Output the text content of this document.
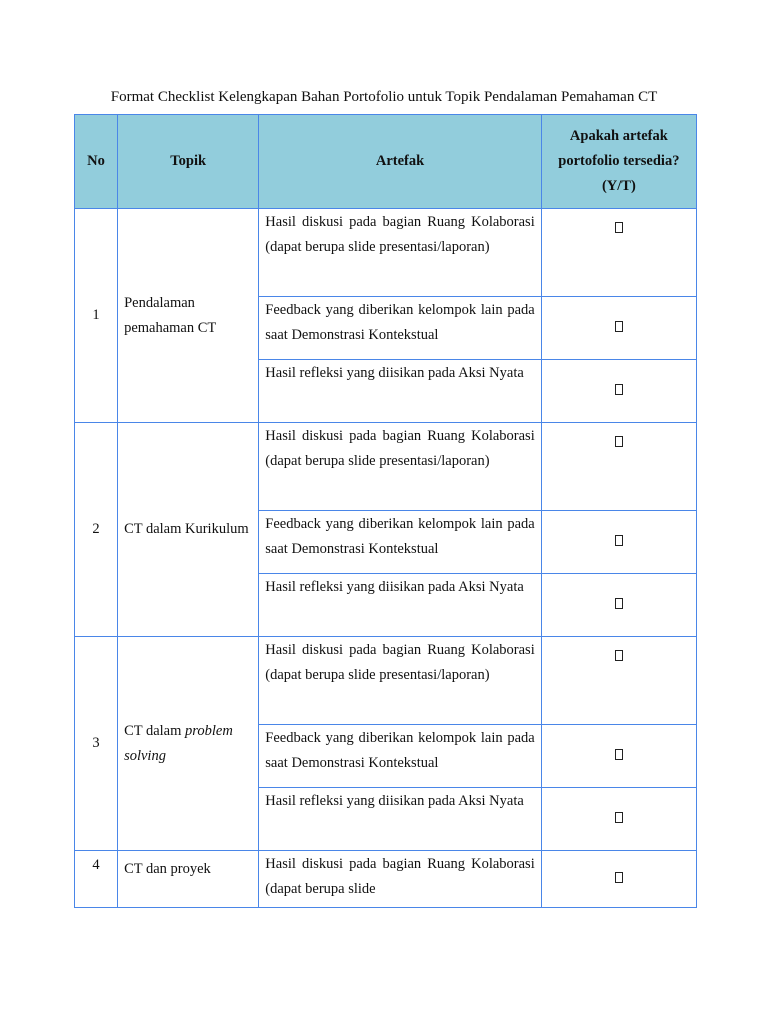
Format Checklist Kelengkapan Bahan Portofolio untuk Topik Pendalaman Pemahaman CT
No	Topik	Artefak	Apakah artefak portofolio tersedia? (Y/T)
1	Pendalaman pemahaman CT	Hasil diskusi pada bagian Ruang Kolaborasi (dapat berupa slide presentasi/laporan)	
		Feedback yang diberikan kelompok lain pada saat Demonstrasi Kontekstual	
		Hasil refleksi yang diisikan pada Aksi Nyata	
2	CT dalam Kurikulum	Hasil diskusi pada bagian Ruang Kolaborasi (dapat berupa slide presentasi/laporan)	
		Feedback yang diberikan kelompok lain pada saat Demonstrasi Kontekstual	
		Hasil refleksi yang diisikan pada Aksi Nyata	
3	CT dalam problem solving	Hasil diskusi pada bagian Ruang Kolaborasi (dapat berupa slide presentasi/laporan)	
		Feedback yang diberikan kelompok lain pada saat Demonstrasi Kontekstual	
		Hasil refleksi yang diisikan pada Aksi Nyata	
4	CT dan proyek	Hasil diskusi pada bagian Ruang Kolaborasi (dapat berupa slide	
